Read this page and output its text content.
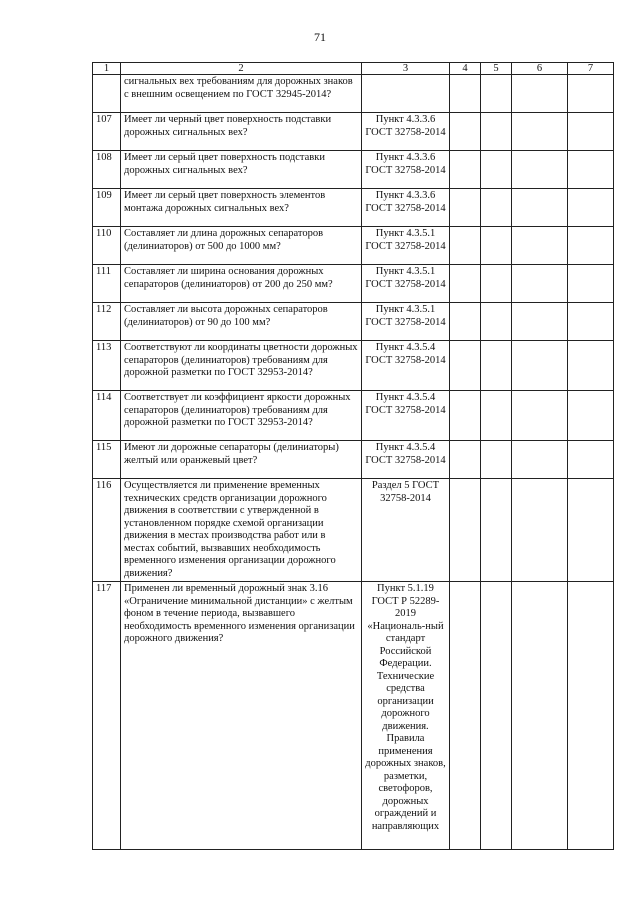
71
1	2	3	4	5	6	7
	сигнальных вех требованиям для дорожных знаков с внешним освещением по ГОСТ 32945-2014?					
107	Имеет ли черный цвет поверхность подставки дорожных сигнальных вех?	Пункт 4.3.3.6 ГОСТ 32758-2014				
108	Имеет ли серый цвет поверхность подставки дорожных сигнальных вех?	Пункт 4.3.3.6 ГОСТ 32758-2014				
109	Имеет ли серый цвет поверхность элементов монтажа дорожных сигнальных вех?	Пункт 4.3.3.6 ГОСТ 32758-2014				
110	Составляет ли длина дорожных сепараторов (делиниаторов) от 500 до 1000 мм?	Пункт 4.3.5.1 ГОСТ 32758-2014				
111	Составляет ли ширина основания дорожных сепараторов (делиниаторов) от 200 до 250 мм?	Пункт 4.3.5.1 ГОСТ 32758-2014				
112	Составляет ли высота дорожных сепараторов (делиниаторов) от 90 до 100 мм?	Пункт 4.3.5.1 ГОСТ 32758-2014				
113	Соответствуют ли координаты цветности дорожных сепараторов (делиниаторов) требованиям для дорожной разметки по ГОСТ 32953-2014?	Пункт 4.3.5.4 ГОСТ 32758-2014				
114	Соответствует ли коэффициент яркости дорожных сепараторов (делиниаторов) требованиям для дорожной разметки по ГОСТ 32953-2014?	Пункт 4.3.5.4 ГОСТ 32758-2014				
115	Имеют ли дорожные сепараторы (делиниаторы) желтый или оранжевый цвет?	Пункт 4.3.5.4 ГОСТ 32758-2014				
116	Осуществляется ли применение временных технических средств организации дорожного движения в соответствии с утвержденной в установленном порядке схемой организации движения в местах производства работ или в местах событий, вызвавших необходимость временного изменения организации дорожного движения?	Раздел 5 ГОСТ 32758-2014				
117	Применен ли временный дорожный знак 3.16 «Ограничение минимальной дистанции» с желтым фоном в течение периода, вызвавшего необходимость временного изменения организации дорожного движения?	Пункт 5.1.19 ГОСТ Р 52289-2019 «Националь-ный стандарт Российской Федерации. Технические средства организации дорожного движения. Правила применения дорожных знаков, разметки, светофоров, дорожных ограждений и направляющих				
